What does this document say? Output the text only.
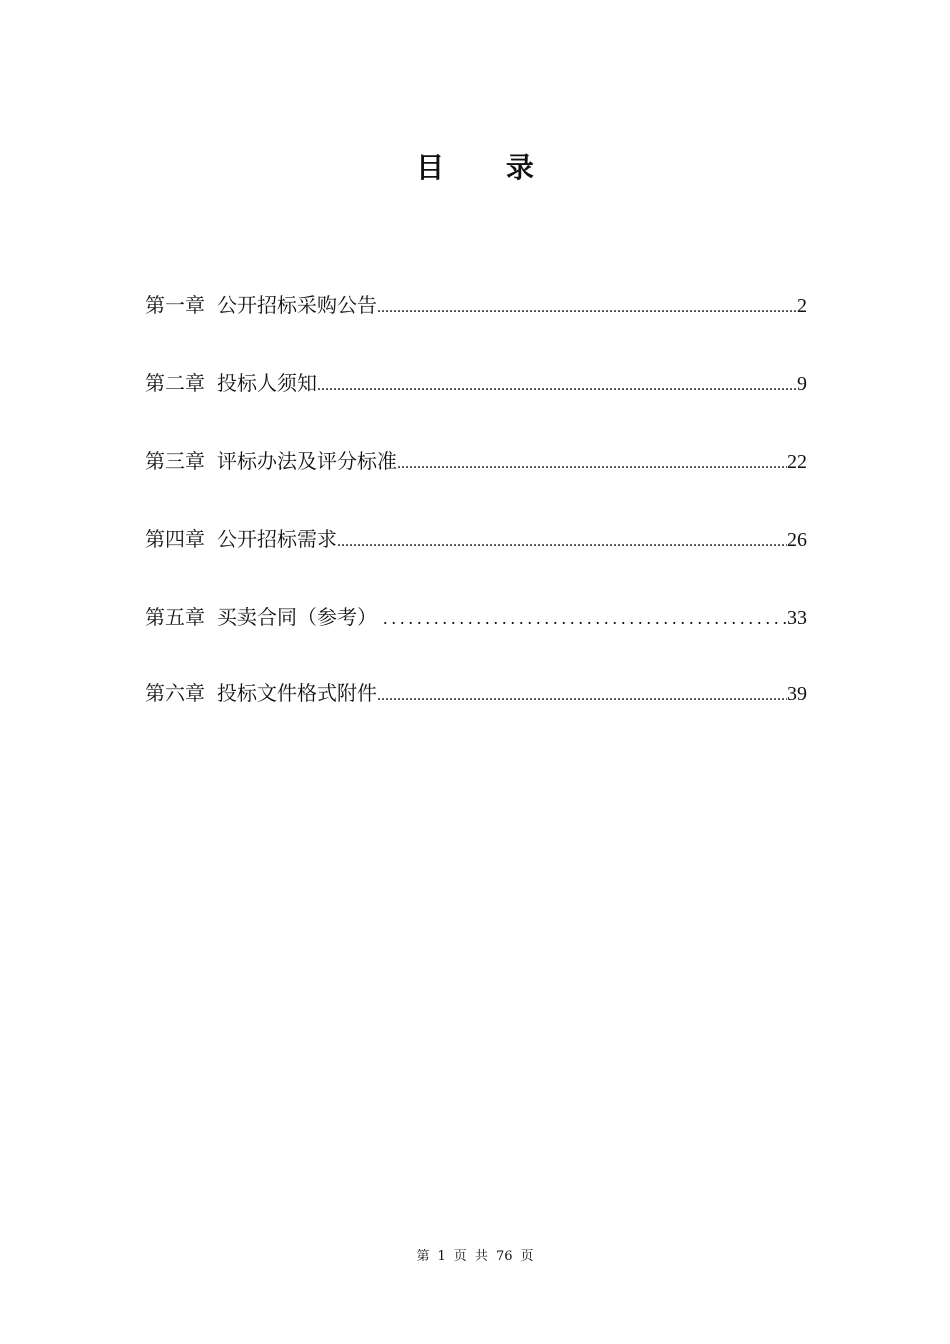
目 录
第一章 公开招标采购公告 .....	2
第二章 投标人须知 .....	9
第三章 评标办法及评分标准 .....	22
第四章 公开招标需求 .....	26
第五章 买卖合同（参考） .....	33
第六章 投标文件格式附件 .....	39
第 1 页 共 76 页
